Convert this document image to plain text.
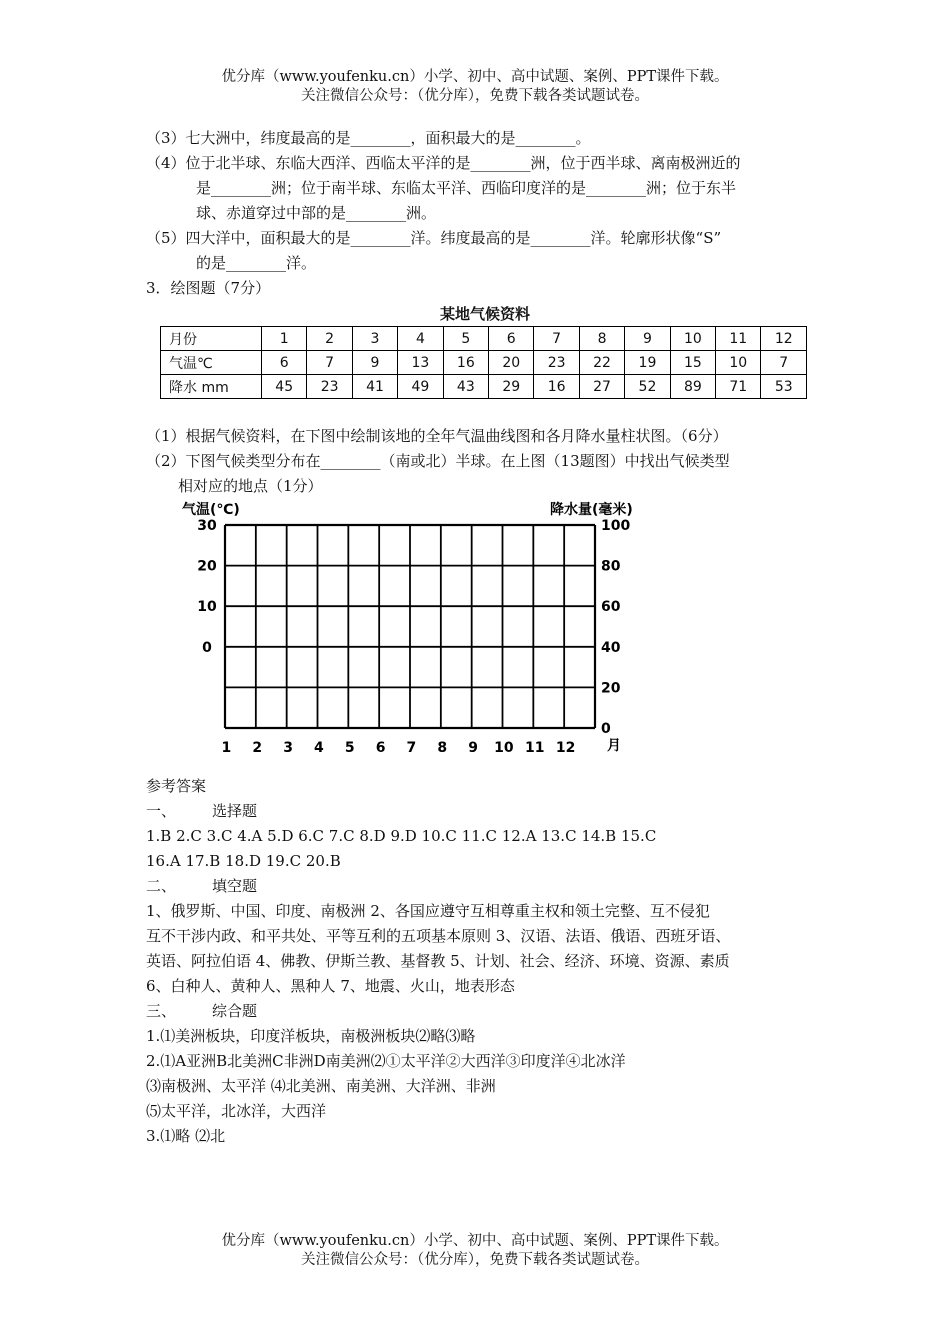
优分库（www.youfenku.cn）小学、初中、高中试题、案例、PPT课件下载。
关注微信公众号：（优分库），免费下载各类试题试卷。
（3）七大洲中，纬度最高的是________，面积最大的是________。
（4）位于北半球、东临大西洋、西临太平洋的是________洲，位于西半球、离南极洲近的
是________洲；位于南半球、东临太平洋、西临印度洋的是________洲；位于东半
球、赤道穿过中部的是________洲。
（5）四大洋中，面积最大的是________洋。纬度最高的是________洋。轮廓形状像“S”
的是________洋。
3．绘图题（7分）
某地气候资料
月份	1	2	3	4	5	6	7	8	9	10	11	12
气温℃	6	7	9	13	16	20	23	22	19	15	10	7
降水 mm	45	23	41	49	43	29	16	27	52	89	71	53
（1）根据气候资料，在下图中绘制该地的全年气温曲线图和各月降水量柱状图。（6分）
（2）下图气候类型分布在________（南或北）半球。在上图（13题图）中找出气候类型
相对应的地点（1分）
气温(℃)	降水量(毫米)
30
20
10
0
100
80
60
40
20
0
1 2 3 4 5 6 7 8 9 10 11 12 月
参考答案
一、 选择题
1.B 2.C 3.C 4.A 5.D 6.C 7.C 8.D 9.D 10.C 11.C 12.A 13.C 14.B 15.C
16.A 17.B 18.D 19.C 20.B
二、 填空题
1、俄罗斯、中国、印度、南极洲 2、各国应遵守互相尊重主权和领土完整、互不侵犯
互不干涉内政、和平共处、平等互利的五项基本原则 3、汉语、法语、俄语、西班牙语、
英语、阿拉伯语 4、佛教、伊斯兰教、基督教 5、计划、社会、经济、环境、资源、素质
6、白种人、黄种人、黑种人 7、地震、火山，地表形态
三、 综合题
1.⑴美洲板块，印度洋板块，南极洲板块⑵略⑶略
2.⑴A亚洲B北美洲C非洲D南美洲⑵①太平洋②大西洋③印度洋④北冰洋
⑶南极洲、太平洋 ⑷北美洲、南美洲、大洋洲、非洲
⑸太平洋，北冰洋，大西洋
3.⑴略 ⑵北
优分库（www.youfenku.cn）小学、初中、高中试题、案例、PPT课件下载。
关注微信公众号：（优分库），免费下载各类试题试卷。
